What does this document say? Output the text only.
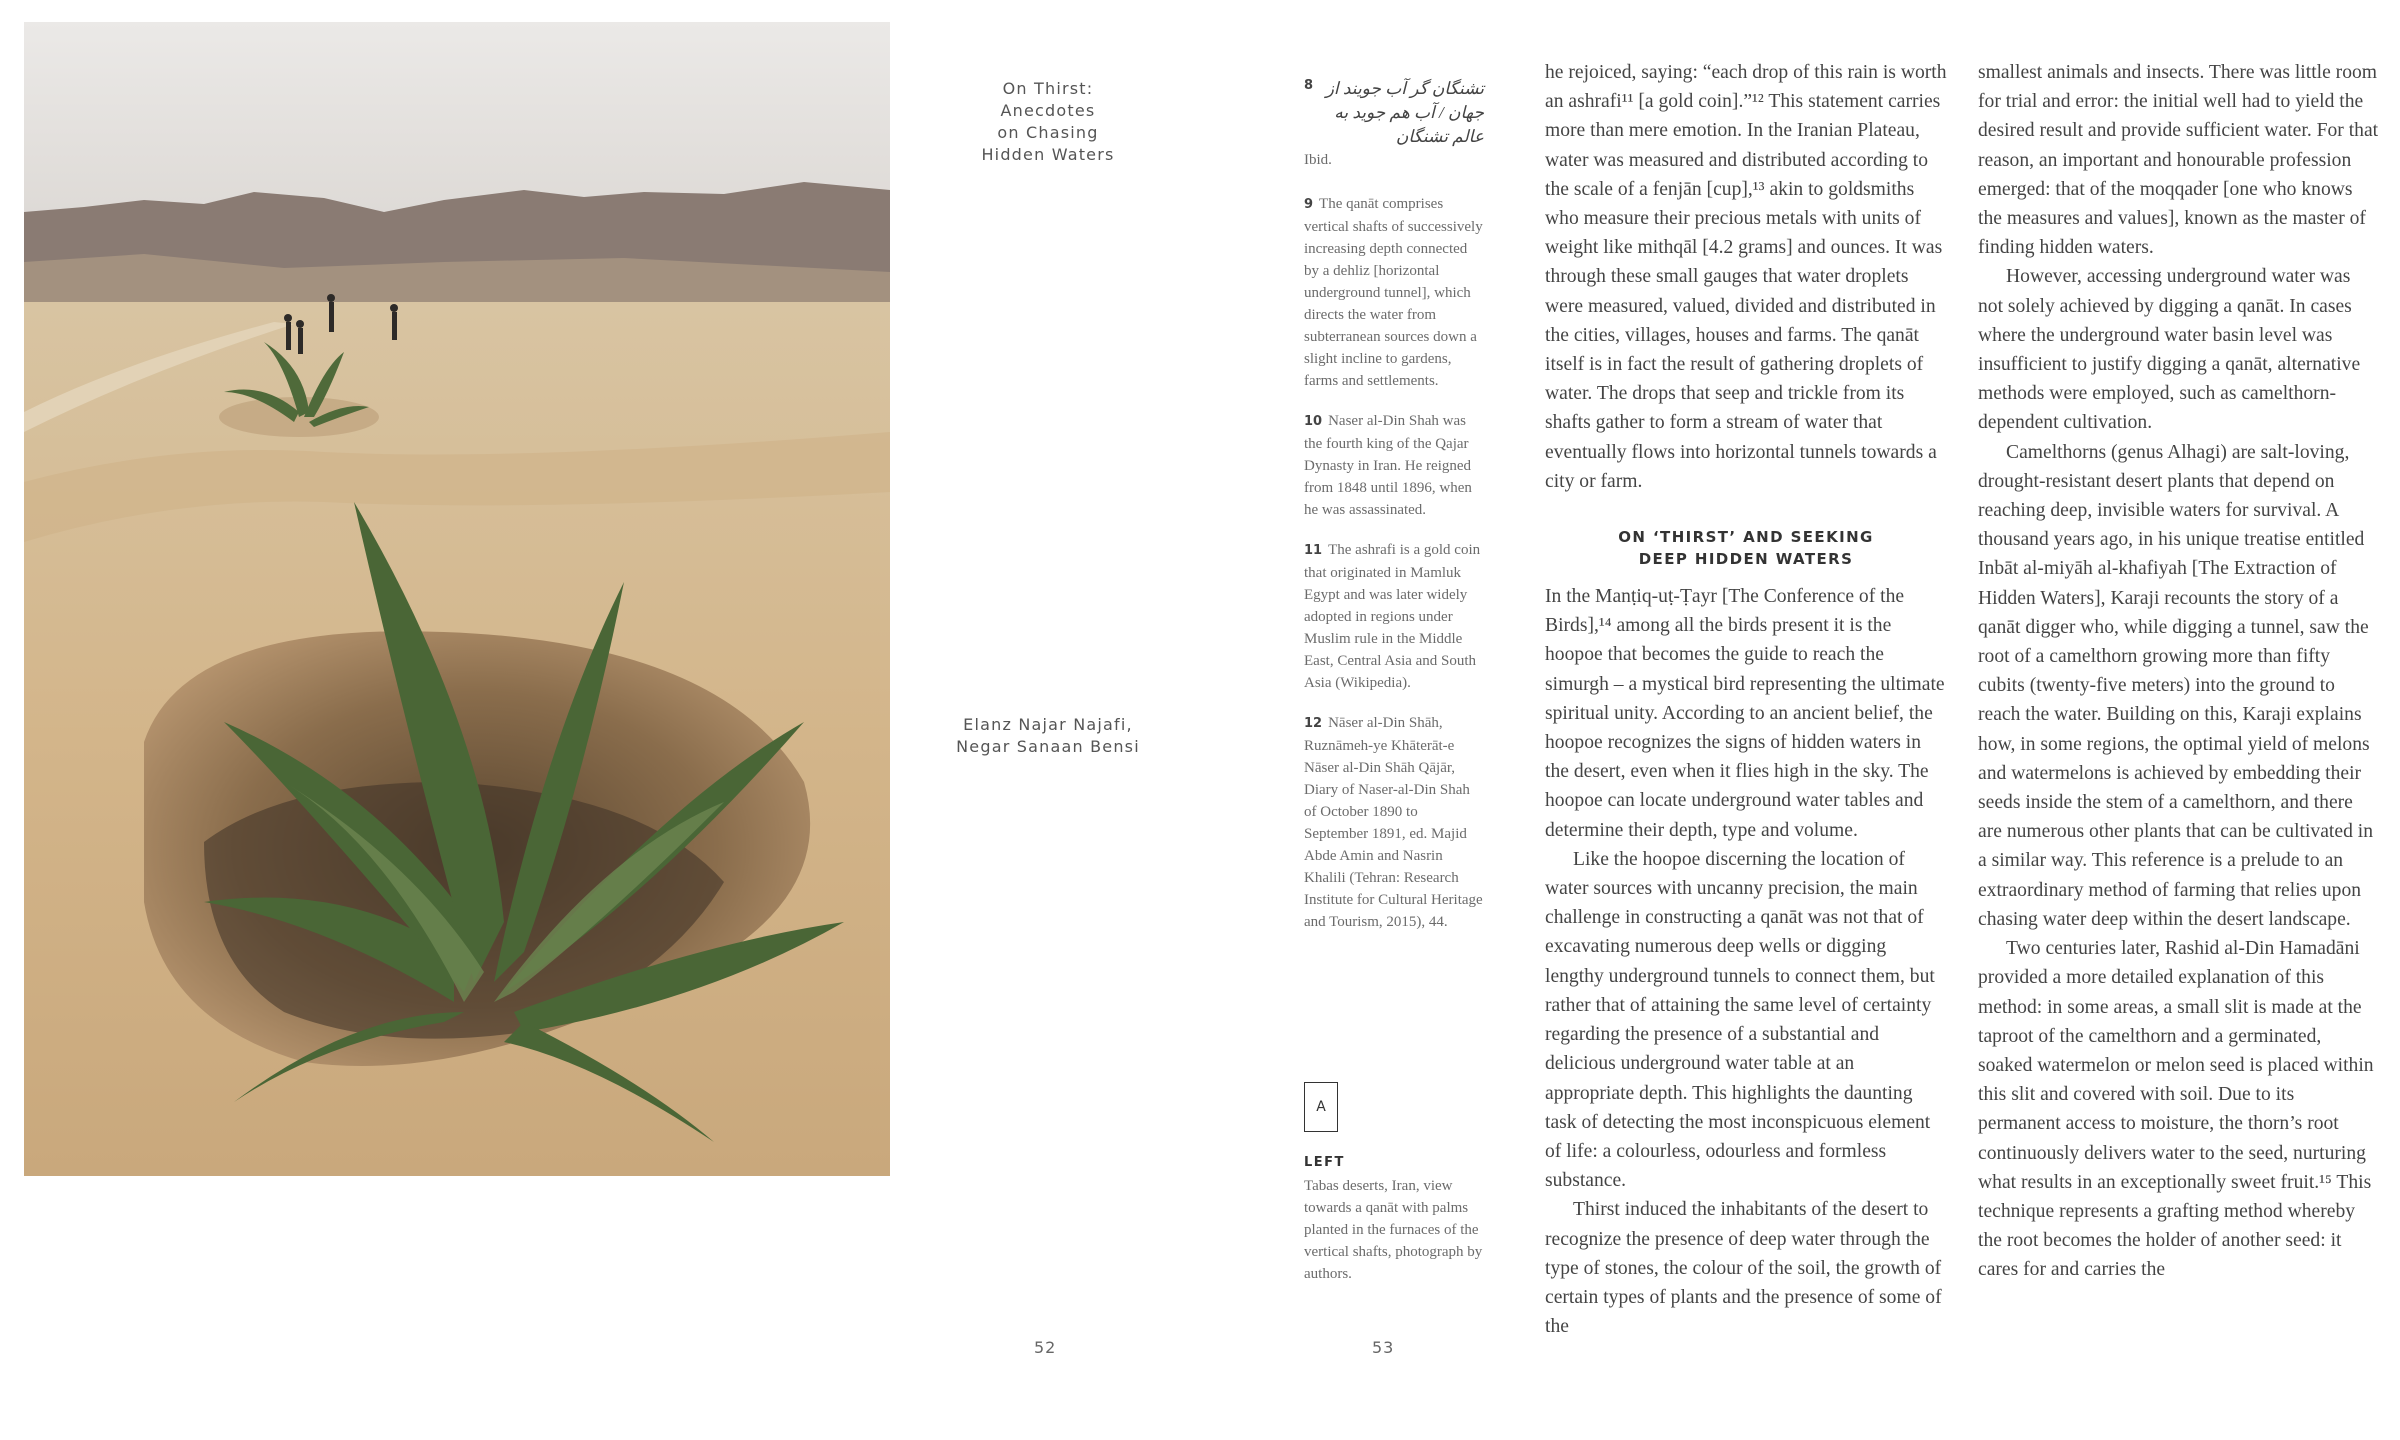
On Thirst:
Anecdotes
on Chasing
Hidden Waters
Elanz Najar Najafi,
Negar Sanaan Bensi
52	53
8 تشنگان گر آب جویند از جهان / آب هم جوید به عالم تشنگان
Ibid.
9 The qanāt comprises vertical shafts of successively increasing depth connected by a dehliz [horizontal underground tunnel], which directs the water from subterranean sources down a slight incline to gardens, farms and settlements.
10 Naser al-Din Shah was the fourth king of the Qajar Dynasty in Iran. He reigned from 1848 until 1896, when he was assassinated.
11 The ashrafi is a gold coin that originated in Mamluk Egypt and was later widely adopted in regions under Muslim rule in the Middle East, Central Asia and South Asia (Wikipedia).
12 Nāser al-Din Shāh, Ruznāmeh-ye Khāterāt-e Nāser al-Din Shāh Qājār, Diary of Naser-al-Din Shah of October 1890 to September 1891, ed. Majid Abde Amin and Nasrin Khalili (Tehran: Research Institute for Cultural Heritage and Tourism, 2015), 44.
A
LEFT
Tabas deserts, Iran, view towards a qanāt with palms planted in the furnaces of the vertical shafts, photograph by authors.

he rejoiced, saying: “each drop of this rain is worth an ashrafi¹¹ [a gold coin].”¹² This statement carries more than mere emotion. In the Iranian Plateau, water was measured and distributed according to the scale of a fenjān [cup],¹³ akin to goldsmiths who measure their precious metals with units of weight like mithqāl [4.2 grams] and ounces. It was through these small gauges that water droplets were measured, valued, divided and distributed in the cities, villages, houses and farms. The qanāt itself is in fact the result of gathering droplets of water. The drops that seep and trickle from its shafts gather to form a stream of water that eventually flows into horizontal tunnels towards a city or farm.

ON ‘THIRST’ AND SEEKING
DEEP HIDDEN WATERS

In the Manṭiq-uṭ-Ṭayr [The Conference of the Birds],¹⁴ among all the birds present it is the hoopoe that becomes the guide to reach the simurgh – a mystical bird representing the ultimate spiritual unity. According to an ancient belief, the hoopoe recognizes the signs of hidden waters in the desert, even when it flies high in the sky. The hoopoe can locate underground water tables and determine their depth, type and volume.

Like the hoopoe discerning the location of water sources with uncanny precision, the main challenge in constructing a qanāt was not that of excavating numerous deep wells or digging lengthy underground tunnels to connect them, but rather that of attaining the same level of certainty regarding the presence of a substantial and delicious underground water table at an appropriate depth. This highlights the daunting task of detecting the most inconspicuous element of life: a colourless, odourless and formless substance.

Thirst induced the inhabitants of the desert to recognize the presence of deep water through the type of stones, the colour of the soil, the growth of certain types of plants and the presence of some of the

smallest animals and insects. There was little room for trial and error: the initial well had to yield the desired result and provide sufficient water. For that reason, an important and honourable profession emerged: that of the moqqader [one who knows the measures and values], known as the master of finding hidden waters.

However, accessing underground water was not solely achieved by digging a qanāt. In cases where the underground water basin level was insufficient to justify digging a qanāt, alternative methods were employed, such as camelthorn-dependent cultivation.

Camelthorns (genus Alhagi) are salt-loving, drought-resistant desert plants that depend on reaching deep, invisible waters for survival. A thousand years ago, in his unique treatise entitled Inbāt al-miyāh al-khafiyah [The Extraction of Hidden Waters], Karaji recounts the story of a qanāt digger who, while digging a tunnel, saw the root of a camelthorn growing more than fifty cubits (twenty-five meters) into the ground to reach the water. Building on this, Karaji explains how, in some regions, the optimal yield of melons and watermelons is achieved by embedding their seeds inside the stem of a camelthorn, and there are numerous other plants that can be cultivated in a similar way. This reference is a prelude to an extraordinary method of farming that relies upon chasing water deep within the desert landscape.

Two centuries later, Rashid al-Din Hamadāni provided a more detailed explanation of this method: in some areas, a small slit is made at the taproot of the camelthorn and a germinated, soaked watermelon or melon seed is placed within this slit and covered with soil. Due to its permanent access to moisture, the thorn’s root continuously delivers water to the seed, nurturing what results in an exceptionally sweet fruit.¹⁵ This technique represents a grafting method whereby the root becomes the holder of another seed: it cares for and carries the
